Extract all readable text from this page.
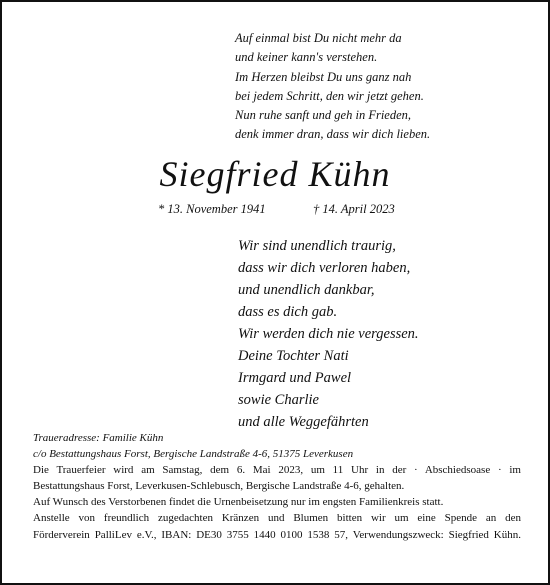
Auf einmal bist Du nicht mehr da
und keiner kann's verstehen.
Im Herzen bleibst Du uns ganz nah
bei jedem Schritt, den wir jetzt gehen.
Nun ruhe sanft und geh in Frieden,
denk immer dran, dass wir dich lieben.
Siegfried Kühn
* 13. November 1941	† 14. April 2023
Wir sind unendlich traurig,
dass wir dich verloren haben,
und unendlich dankbar,
dass es dich gab.
Wir werden dich nie vergessen.
Deine Tochter Nati
Irmgard und Pawel
sowie Charlie
und alle Weggefährten
Traueradresse: Familie Kühn
c/o Bestattungshaus Forst, Bergische Landstraße 4-6, 51375 Leverkusen
Die Trauerfeier wird am Samstag, dem 6. Mai 2023, um 11 Uhr in der · Abschiedsoase · im
Bestattungshaus Forst, Leverkusen-Schlebusch, Bergische Landstraße 4-6, gehalten.
Auf Wunsch des Verstorbenen findet die Urnenbeisetzung nur im engsten Familienkreis statt.
Anstelle von freundlich zugedachten Kränzen und Blumen bitten wir um eine Spende an den
Förderverein PalliLev e.V., IBAN: DE30 3755 1440 0100 1538 57, Verwendungszweck: Siegfried Kühn.
